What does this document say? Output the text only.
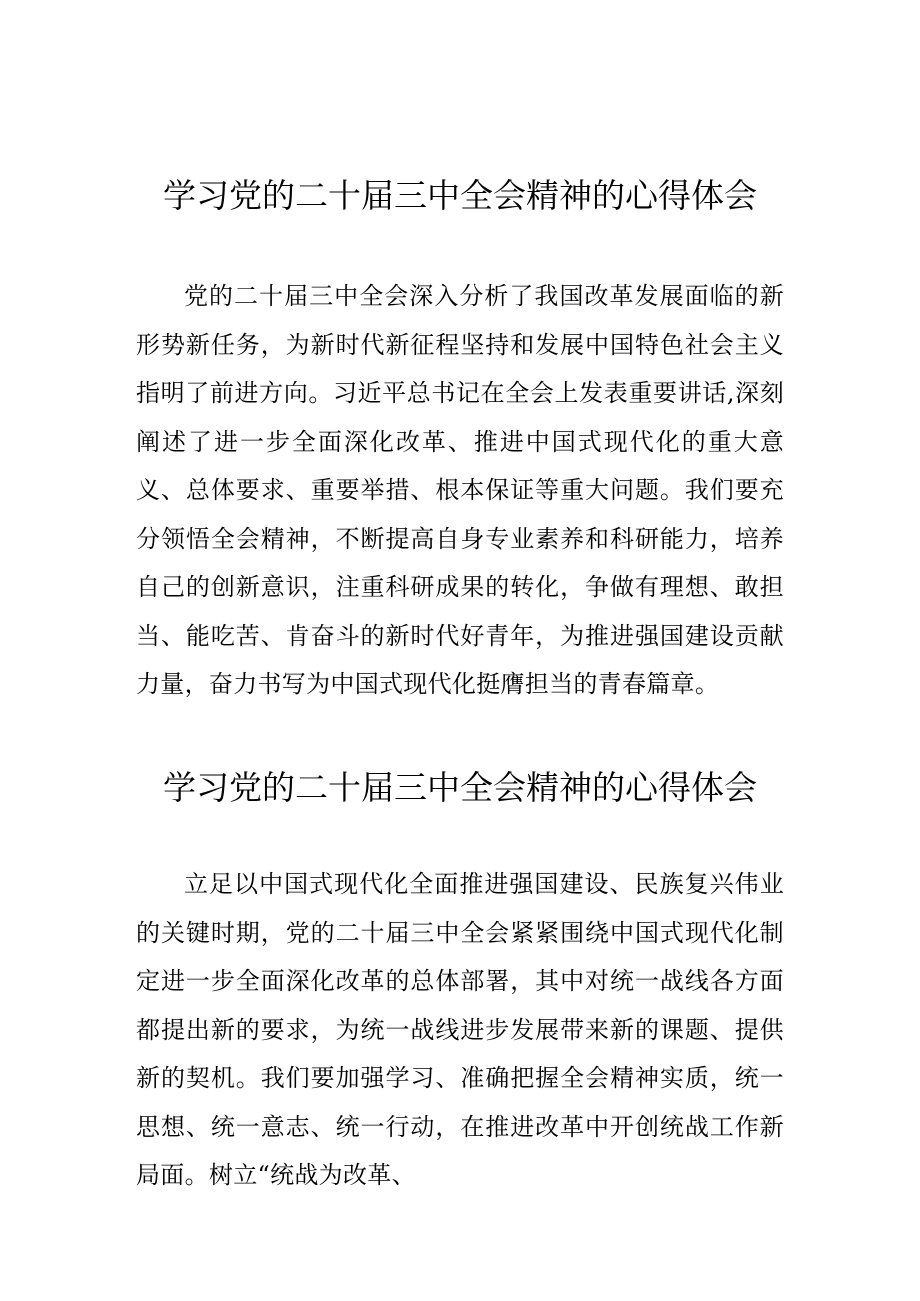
学习党的二十届三中全会精神的心得体会

党的二十届三中全会深入分析了我国改革发展面临的新形势新任务，为新时代新征程坚持和发展中国特色社会主义指明了前进方向。习近平总书记在全会上发表重要讲话,深刻阐述了进一步全面深化改革、推进中国式现代化的重大意义、总体要求、重要举措、根本保证等重大问题。我们要充分领悟全会精神，不断提高自身专业素养和科研能力，培养自己的创新意识，注重科研成果的转化，争做有理想、敢担当、能吃苦、肯奋斗的新时代好青年，为推进强国建设贡献力量，奋力书写为中国式现代化挺膺担当的青春篇章。

学习党的二十届三中全会精神的心得体会

立足以中国式现代化全面推进强国建设、民族复兴伟业的关键时期，党的二十届三中全会紧紧围绕中国式现代化制定进一步全面深化改革的总体部署，其中对统一战线各方面都提出新的要求，为统一战线进步发展带来新的课题、提供新的契机。我们要加强学习、准确把握全会精神实质，统一思想、统一意志、统一行动，在推进改革中开创统战工作新局面。树立“统战为改革、
